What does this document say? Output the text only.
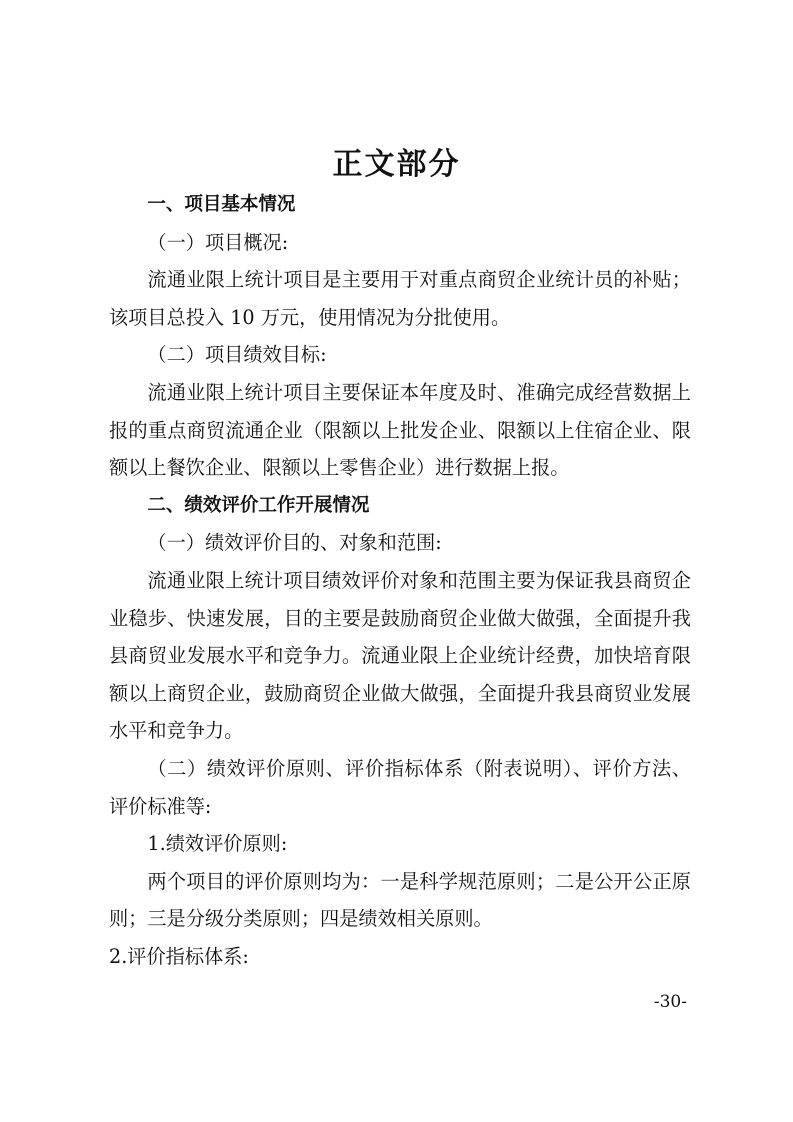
正文部分

一、项目基本情况

（一）项目概况:

流通业限上统计项目是主要用于对重点商贸企业统计员的补贴；该项目总投入 10 万元，使用情况为分批使用。

（二）项目绩效目标:

流通业限上统计项目主要保证本年度及时、准确完成经营数据上报的重点商贸流通企业（限额以上批发企业、限额以上住宿企业、限额以上餐饮企业、限额以上零售企业）进行数据上报。

二、绩效评价工作开展情况

（一）绩效评价目的、对象和范围:

流通业限上统计项目绩效评价对象和范围主要为保证我县商贸企业稳步、快速发展，目的主要是鼓励商贸企业做大做强，全面提升我县商贸业发展水平和竞争力。流通业限上企业统计经费，加快培育限额以上商贸企业，鼓励商贸企业做大做强，全面提升我县商贸业发展水平和竞争力。

（二）绩效评价原则、评价指标体系（附表说明）、评价方法、评价标准等:

1.绩效评价原则:

两个项目的评价原则均为：一是科学规范原则；二是公开公正原则；三是分级分类原则；四是绩效相关原则。

2.评价指标体系:

-30-
